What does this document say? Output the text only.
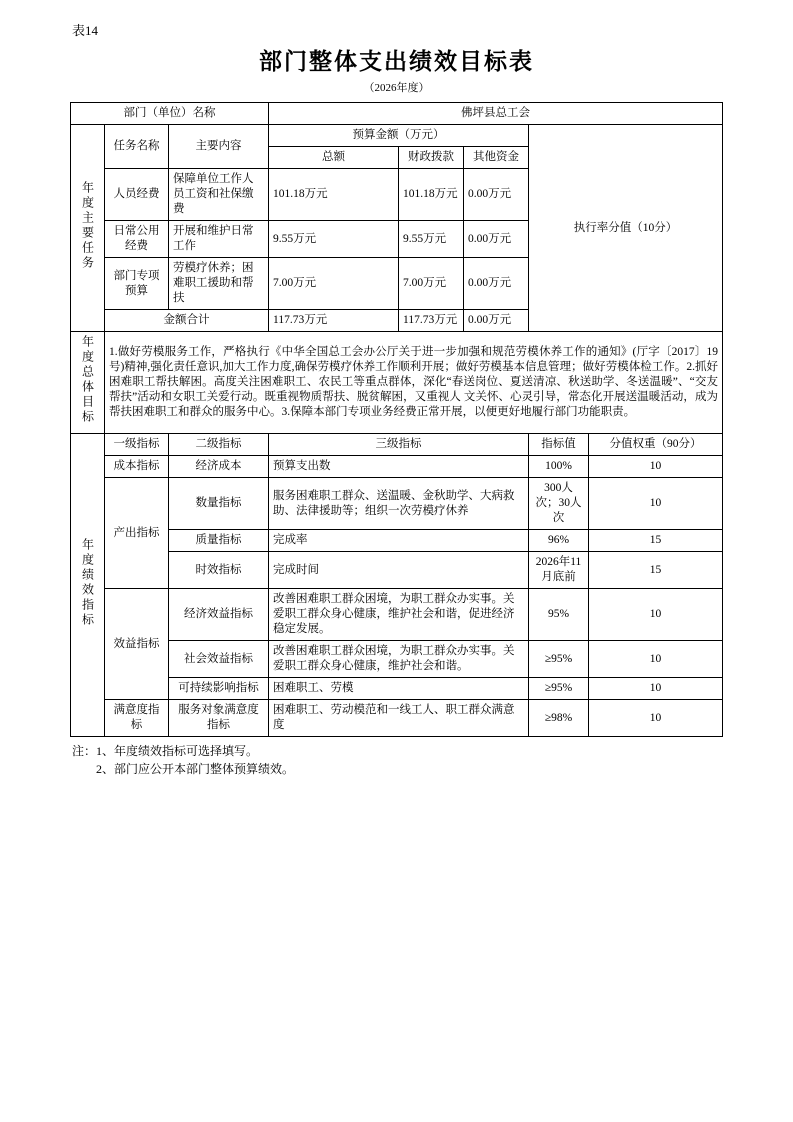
表14
部门整体支出绩效目标表
（2026年度）
部门（单位）名称			佛坪县总工会				
年度主要任务	任务名称	主要内容	预算金额（万元）			执行率分值（10分）	
			总额	财政拨款	其他资金		
	人员经费	保障单位工作人员工资和社保缴费	101.18万元	101.18万元	0.00万元		
	日常公用经费	开展和维护日常工作	9.55万元	9.55万元	0.00万元		
	部门专项预算	劳模疗休养；困难职工援助和帮扶	7.00万元	7.00万元	0.00万元		
	金额合计		117.73万元	117.73万元	0.00万元		
年度总体目标	1.做好劳模服务工作，严格执行《中华全国总工会办公厅关于进一步加强和规范劳模休养工作的通知》(厅字〔2017〕19号)精神,强化责任意识,加大工作力度,确保劳模疗休养工作顺利开展；做好劳模基本信息管理；做好劳模体检工作。2.抓好困难职工帮扶解困。高度关注困难职工、农民工等重点群体，深化“春送岗位、夏送清凉、秋送助学、冬送温暖”、“交友帮扶”活动和女职工关爱行动。既重视物质帮扶、脱贫解困，又重视人 文关怀、心灵引导，常态化开展送温暖活动，成为帮扶困难职工和群众的服务中心。3.保障本部门专项业务经费正常开展，以便更好地履行部门功能职责。						
年度绩效指标	一级指标	二级指标	三级指标			指标值	分值权重（90分）
	成本指标	经济成本	预算支出数			100%	10
	产出指标	数量指标	服务困难职工群众、送温暖、金秋助学、大病救助、法律援助等；组织一次劳模疗休养			300人次；30人次	10
		质量指标	完成率			96%	15
		时效指标	完成时间			2026年11月底前	15
	效益指标	经济效益指标	改善困难职工群众困境，为职工群众办实事。关爱职工群众身心健康，维护社会和谐，促进经济稳定发展。			95%	10
		社会效益指标	改善困难职工群众困境，为职工群众办实事。关爱职工群众身心健康，维护社会和谐。			≥95%	10
		可持续影响指标	困难职工、劳模			≥95%	10
	满意度指标	服务对象满意度指标	困难职工、劳动模范和一线工人、职工群众满意度			≥98%	10
注：1、年度绩效指标可选择填写。
2、部门应公开本部门整体预算绩效。
